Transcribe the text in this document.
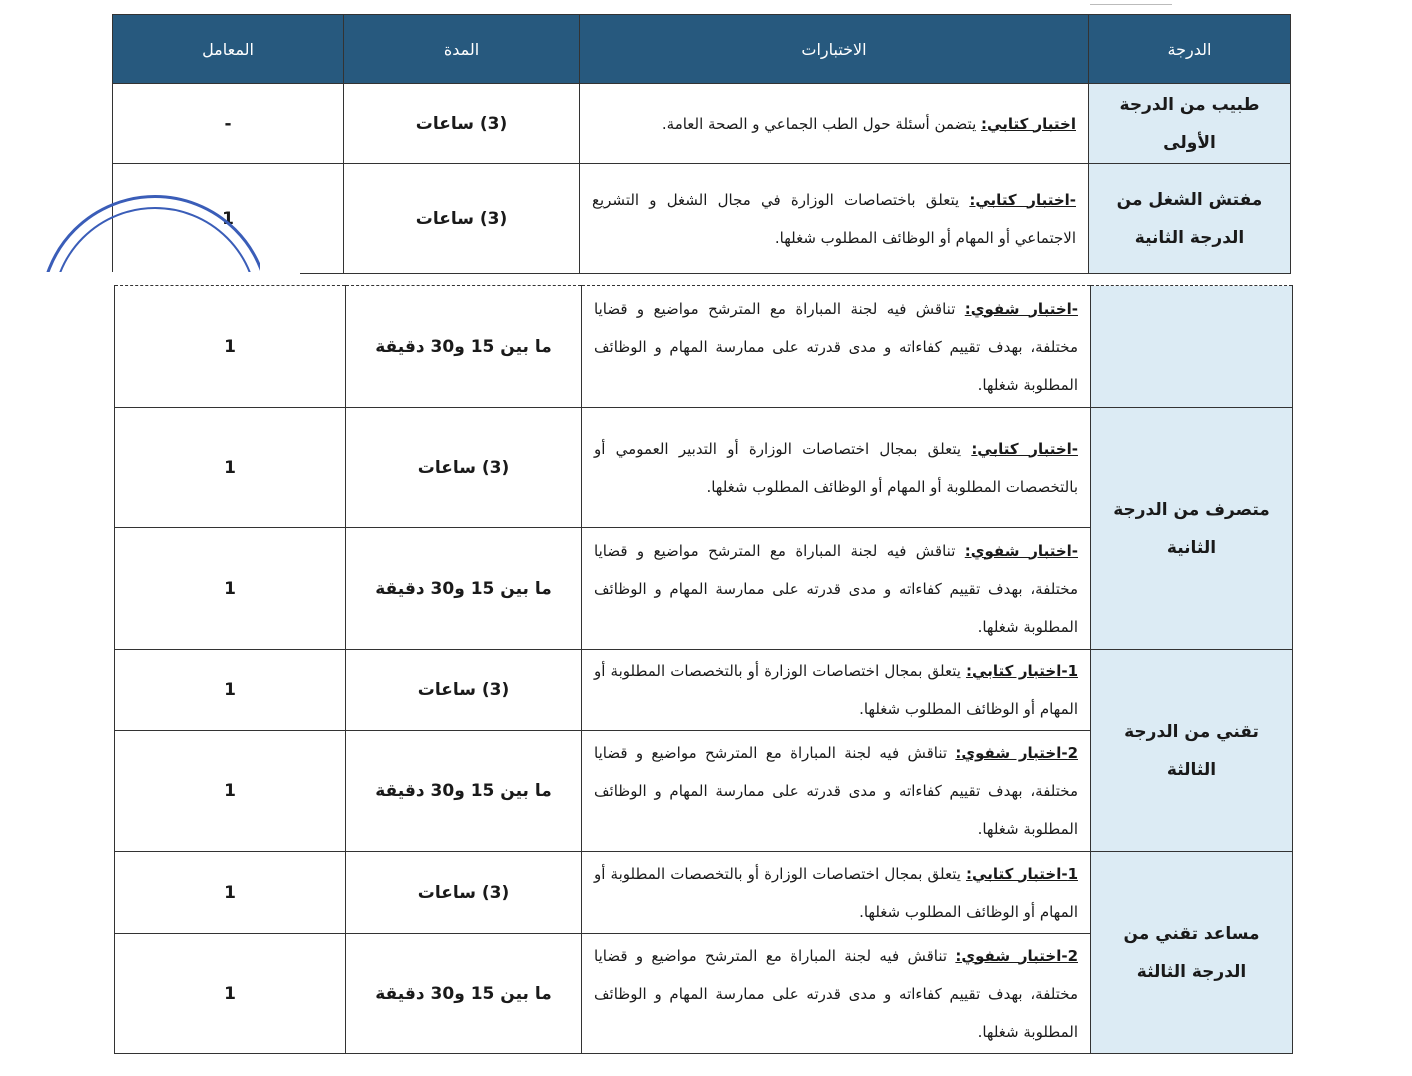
الدرجة	الاختبارات	المدة	المعامل
طبيب من الدرجة الأولى	اختبار كتابي: يتضمن أسئلة حول الطب الجماعي و الصحة العامة.	(3) ساعات	-
مفتش الشغل من الدرجة الثانية	-اختبار كتابي: يتعلق باختصاصات الوزارة في مجال الشغل و التشريع الاجتماعي أو المهام أو الوظائف المطلوب شغلها.	(3) ساعات	1
	-اختبار شفوي: تناقش فيه لجنة المباراة مع المترشح مواضيع و قضايا مختلفة، بهدف تقييم كفاءاته و مدى قدرته على ممارسة المهام و الوظائف المطلوبة شغلها.	ما بين 15 و30 دقيقة	1
متصرف من الدرجة الثانية	-اختبار كتابي: يتعلق بمجال اختصاصات الوزارة أو التدبير العمومي أو بالتخصصات المطلوبة أو المهام أو الوظائف المطلوب شغلها.	(3) ساعات	1
	-اختبار شفوي: تناقش فيه لجنة المباراة مع المترشح مواضيع و قضايا مختلفة، بهدف تقييم كفاءاته و مدى قدرته على ممارسة المهام و الوظائف المطلوبة شغلها.	ما بين 15 و30 دقيقة	1
تقني من الدرجة الثالثة	1-اختبار كتابي: يتعلق بمجال اختصاصات الوزارة أو بالتخصصات المطلوبة أو المهام أو الوظائف المطلوب شغلها.	(3) ساعات	1
	2-اختبار شفوي: تناقش فيه لجنة المباراة مع المترشح مواضيع و قضايا مختلفة، بهدف تقييم كفاءاته و مدى قدرته على ممارسة المهام و الوظائف المطلوبة شغلها.	ما بين 15 و30 دقيقة	1
مساعد تقني من الدرجة الثالثة	1-اختبار كتابي: يتعلق بمجال اختصاصات الوزارة أو بالتخصصات المطلوبة أو المهام أو الوظائف المطلوب شغلها.	(3) ساعات	1
	2-اختبار شفوي: تناقش فيه لجنة المباراة مع المترشح مواضيع و قضايا مختلفة، بهدف تقييم كفاءاته و مدى قدرته على ممارسة المهام و الوظائف المطلوبة شغلها.	ما بين 15 و30 دقيقة	1
